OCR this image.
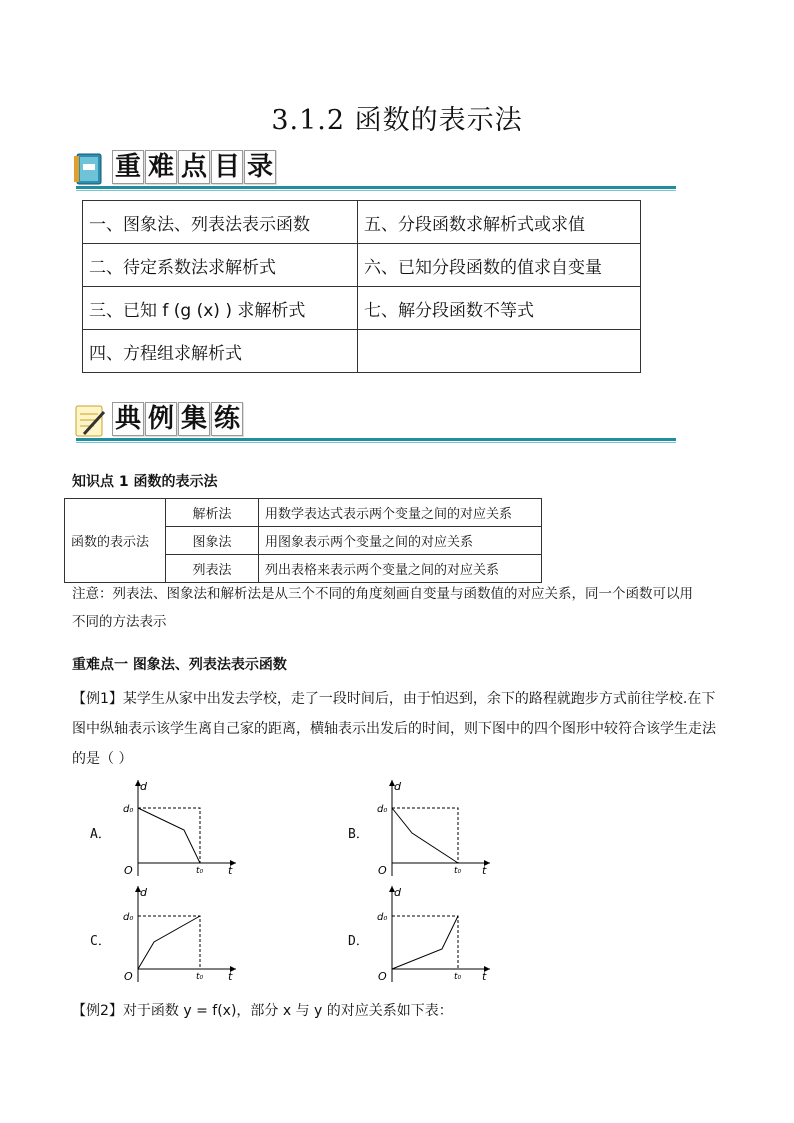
3.1.2 函数的表示法
重 难 点 目 录
一、图象法、列表法表示函数	五、分段函数求解析式或求值
二、待定系数法求解析式	六、已知分段函数的值求自变量
三、已知 f (g (x) ) 求解析式	七、解分段函数不等式
四、方程组求解析式	
典 例 集 练
知识点 1 函数的表示法
函数的表示法	解析法	用数学表达式表示两个变量之间的对应关系
	图象法	用图象表示两个变量之间的对应关系
	列表法	列出表格来表示两个变量之间的对应关系
注意：列表法、图象法和解析法是从三个不同的角度刻画自变量与函数值的对应关系，同一个函数可以用
不同的方法表示
重难点一 图象法、列表法表示函数
【例1】某学生从家中出发去学校，走了一段时间后，由于怕迟到，余下的路程就跑步方式前往学校.在下
图中纵轴表示该学生离自己家的距离，横轴表示出发后的时间，则下图中的四个图形中较符合该学生走法
的是（ ）
A．	B．
C．	D．
d
d₀
O	t₀ t
d
d₀
O	t₀ t
d
d₀
O	t₀ t
d
d₀
O	t₀ t
【例2】对于函数 y = f(x)，部分 x 与 y 的对应关系如下表：
